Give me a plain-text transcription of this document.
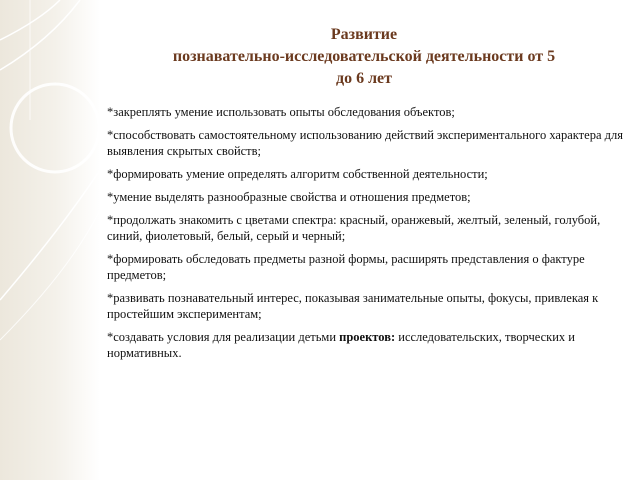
Развитие
познавательно-исследовательской деятельности от 5
до 6 лет
*закреплять умение использовать опыты обследования объектов;
*способствовать самостоятельному использованию действий экспериментального характера для выявления скрытых свойств;
*формировать умение определять алгоритм собственной деятельности;
*умение выделять разнообразные свойства и отношения предметов;
*продолжать знакомить с цветами спектра: красный, оранжевый, желтый, зеленый, голубой, синий, фиолетовый, белый, серый и черный;
*формировать обследовать предметы разной формы, расширять представления о фактуре предметов;
*развивать познавательный интерес, показывая занимательные опыты, фокусы, привлекая к простейшим экспериментам;
*создавать условия для реализации детьми проектов: исследовательских, творческих и нормативных.
